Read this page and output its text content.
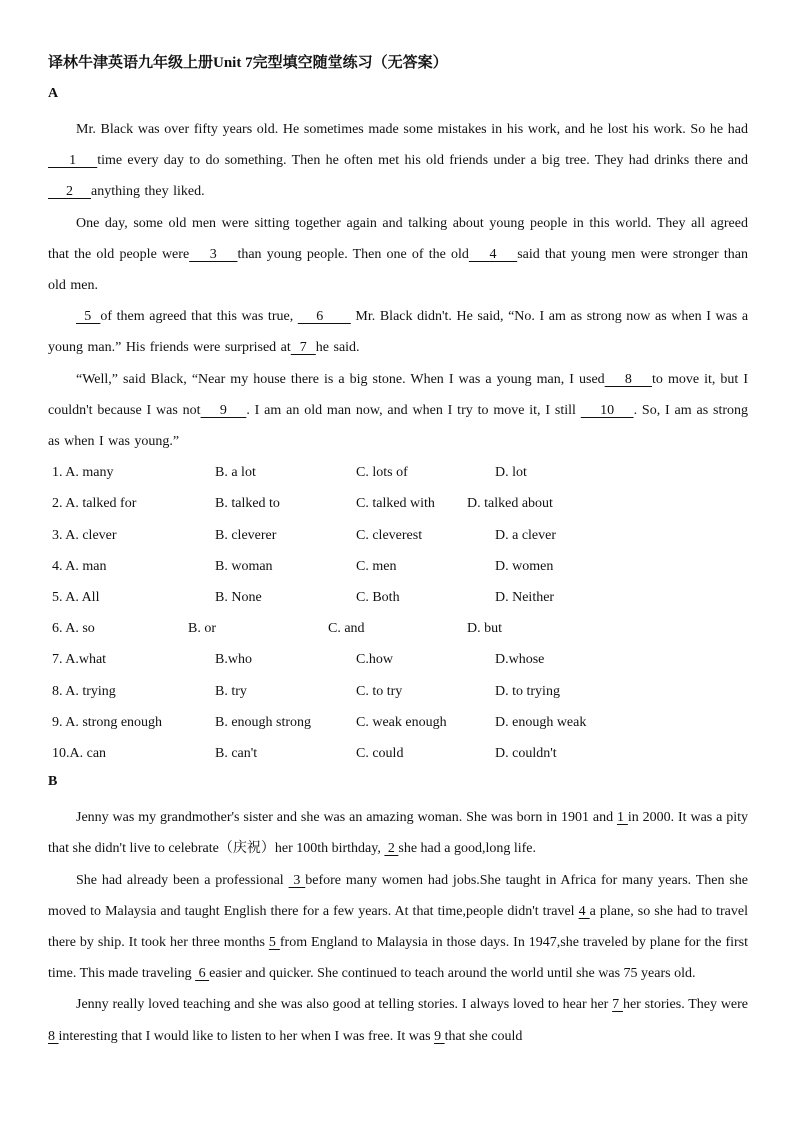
译林牛津英语九年级上册Unit 7完型填空随堂练习（无答案）
A

Mr. Black was over fifty years old. He sometimes made some mistakes in his work, and he lost his work. So he had    1    time every day to do something. Then he often met his old friends under a big tree. They had drinks there and    2    anything they liked.

One day, some old men were sitting together again and talking about young people in this world. They all agreed that the old people were    3    than young people. Then one of the old    4    said that young men were stronger than old men.

5  of them agreed that this was true,     6       Mr. Black didn't. He said, “No. I am as strong now as when I was a young man.” His friends were surprised at  7  he said.

“Well,” said Black, “Near my house there is a big stone. When I was a young man, I used    8    to move it, but I couldn't because I was not    9    . I am an old man now, and when I try to move it, I still     10    . So, I am as strong as when I was young.”

1. A. many	B. a lot	C. lots of	D. lot
2. A. talked for	B. talked to	C. talked with D. talked about
3. A. clever	B. cleverer	C. cleverest	D. a clever
4. A. man	B. woman	C. men	D. women
5. A. All	B. None	C. Both	D. Neither
6. A. so	B. or	C. and	D. but
7. A.what	B.who	C.how	D.whose
8. A. trying	B. try	C. to try	D. to trying
9. A. strong enough	B. enough strong	C. weak enough	D. enough weak
10.A. can	B. can't	C. could	D. couldn't
B

Jenny was my grandmother's sister and she was an amazing woman. She was born in 1901 and 1 in 2000. It was a pity that she didn't live to celebrate（庆祝）her 100th birthday,  2 she had a good,long life.

She had already been a professional  3 before many women had jobs.She taught in Africa for many years. Then she moved to Malaysia and taught English there for a few years. At that time,people didn't travel 4 a plane, so she had to travel there by ship. It took her three months 5 from England to Malaysia in those days. In 1947,she traveled by plane for the first time. This made traveling  6 easier and quicker. She continued to teach around the world until she was 75 years old.

Jenny really loved teaching and she was also good at telling stories. I always loved to hear her 7 her stories. They were 8 interesting that I would like to listen to her when I was free. It was 9 that she could
